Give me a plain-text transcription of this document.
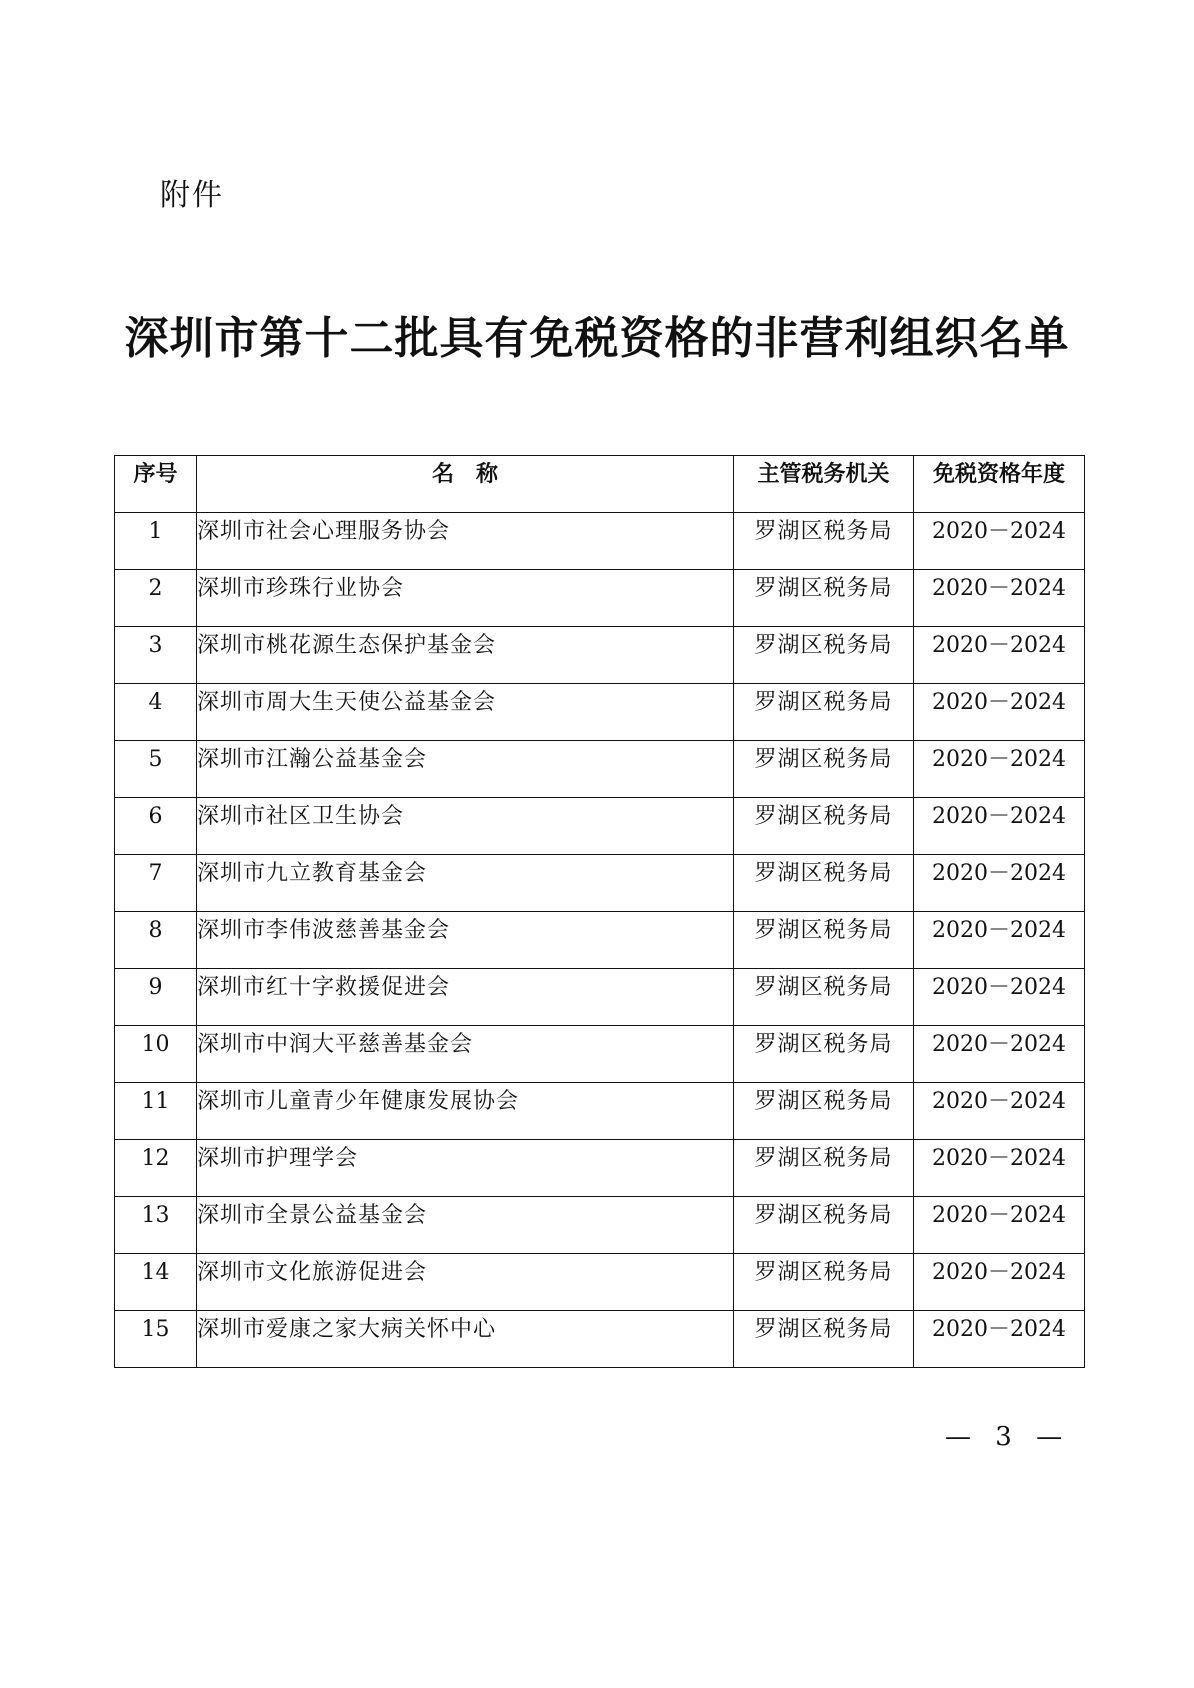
附件
深圳市第十二批具有免税资格的非营利组织名单
序号	名　称	主管税务机关	免税资格年度
1	深圳市社会心理服务协会	罗湖区税务局	2020－2024
2	深圳市珍珠行业协会	罗湖区税务局	2020－2024
3	深圳市桃花源生态保护基金会	罗湖区税务局	2020－2024
4	深圳市周大生天使公益基金会	罗湖区税务局	2020－2024
5	深圳市江瀚公益基金会	罗湖区税务局	2020－2024
6	深圳市社区卫生协会	罗湖区税务局	2020－2024
7	深圳市九立教育基金会	罗湖区税务局	2020－2024
8	深圳市李伟波慈善基金会	罗湖区税务局	2020－2024
9	深圳市红十字救援促进会	罗湖区税务局	2020－2024
10	深圳市中润大平慈善基金会	罗湖区税务局	2020－2024
11	深圳市儿童青少年健康发展协会	罗湖区税务局	2020－2024
12	深圳市护理学会	罗湖区税务局	2020－2024
13	深圳市全景公益基金会	罗湖区税务局	2020－2024
14	深圳市文化旅游促进会	罗湖区税务局	2020－2024
15	深圳市爱康之家大病关怀中心	罗湖区税务局	2020－2024
— 3 —
